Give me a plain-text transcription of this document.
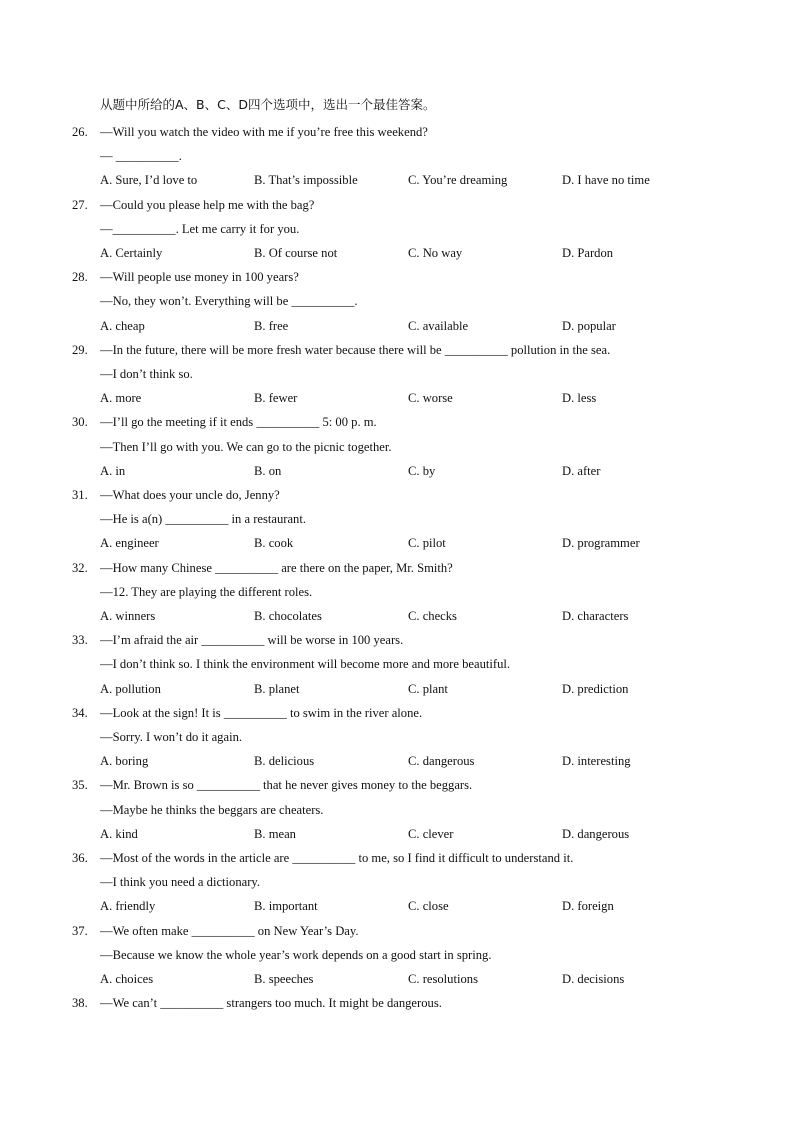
从题中所给的A、B、C、D四个选项中，选出一个最佳答案。
26. —Will you watch the video with me if you’re free this weekend?
— __________.
A. Sure, I’d love to	B. That’s impossible	C. You’re dreaming	D. I have no time
27. —Could you please help me with the bag?
—__________. Let me carry it for you.
A. Certainly	B. Of course not	C. No way	D. Pardon
28. —Will people use money in 100 years?
—No, they won’t. Everything will be __________.
A. cheap	B. free	C. available	D. popular
29. —In the future, there will be more fresh water because there will be __________ pollution in the sea.
—I don’t think so.
A. more	B. fewer	C. worse	D. less
30. —I’ll go the meeting if it ends __________ 5: 00 p. m.
—Then I’ll go with you. We can go to the picnic together.
A. in	B. on	C. by	D. after
31. —What does your uncle do, Jenny?
—He is a(n) __________ in a restaurant.
A. engineer	B. cook	C. pilot	D. programmer
32. —How many Chinese __________ are there on the paper, Mr. Smith?
—12. They are playing the different roles.
A. winners	B. chocolates	C. checks	D. characters
33. —I’m afraid the air __________ will be worse in 100 years.
—I don’t think so. I think the environment will become more and more beautiful.
A. pollution	B. planet	C. plant	D. prediction
34. —Look at the sign! It is __________ to swim in the river alone.
—Sorry. I won’t do it again.
A. boring	B. delicious	C. dangerous	D. interesting
35. —Mr. Brown is so __________ that he never gives money to the beggars.
—Maybe he thinks the beggars are cheaters.
A. kind	B. mean	C. clever	D. dangerous
36. —Most of the words in the article are __________ to me, so I find it difficult to understand it.
—I think you need a dictionary.
A. friendly	B. important	C. close	D. foreign
37. —We often make __________ on New Year’s Day.
—Because we know the whole year’s work depends on a good start in spring.
A. choices	B. speeches	C. resolutions	D. decisions
38. —We can’t __________ strangers too much. It might be dangerous.
